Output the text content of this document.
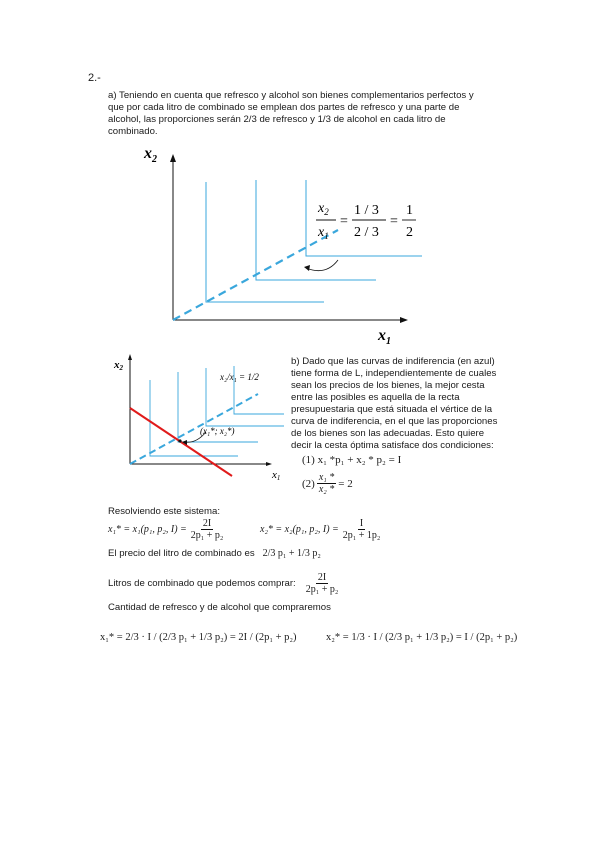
2.-
a) Teniendo en cuenta que refresco y alcohol son bienes complementarios perfectos y
que por cada litro de combinado se emplean dos partes de refresco y una parte de
alcohol, las proporciones serán 2/3 de refresco y 1/3 de alcohol en cada litro de
combinado.
$x_2$
$x_1$
$x_2$
$x_1$
=
1 / 3
2 / 3
=
1
2
(x₁*; x₂*)
x2
x1
x₂/x₁ = 1/2
b) Dado que las curvas de indiferencia (en azul)
tiene forma de L, independientemente de cuales
sean los precios de los bienes, la mejor cesta
entre las posibles es aquella de la recta
presupuestaria que está situada el vértice de la
curva de indiferencia, en el que las proporciones
de los bienes son las adecuadas. Esto quiere
decir la cesta óptima satisface dos condiciones:
(1) x₁ *p₁ + x₂ * p₂ = I
$(2) \frac{\text{x₁ *}}{\text{x₂ *}} = 2$
Resolviendo este sistema:
x₁* = x₁(p₁, p₂, $I) = \frac{2I}{\text{2p₁ + p₂}}$	x₂* = x₂(p₁, p₂, $I) = \frac{I}{\text{2p₁ + 1p₂}}$
El precio del litro de combinado es 2/3 p₁ + 1/3 p₂
Litros de combinado que podemos comprar: $\frac{2I}{\text{2p₁ + p₂}}$
Cantidad de refresco y de alcohol que compraremos
x₁* = 2/3 · I / (2/3 p₁ + 1/3 p₂) = 2I / (2p₁ + p₂)	x₂* = 1/3 · I / (2/3 p₁ + 1/3 p₂) = I / (2p₁ + p₂)
